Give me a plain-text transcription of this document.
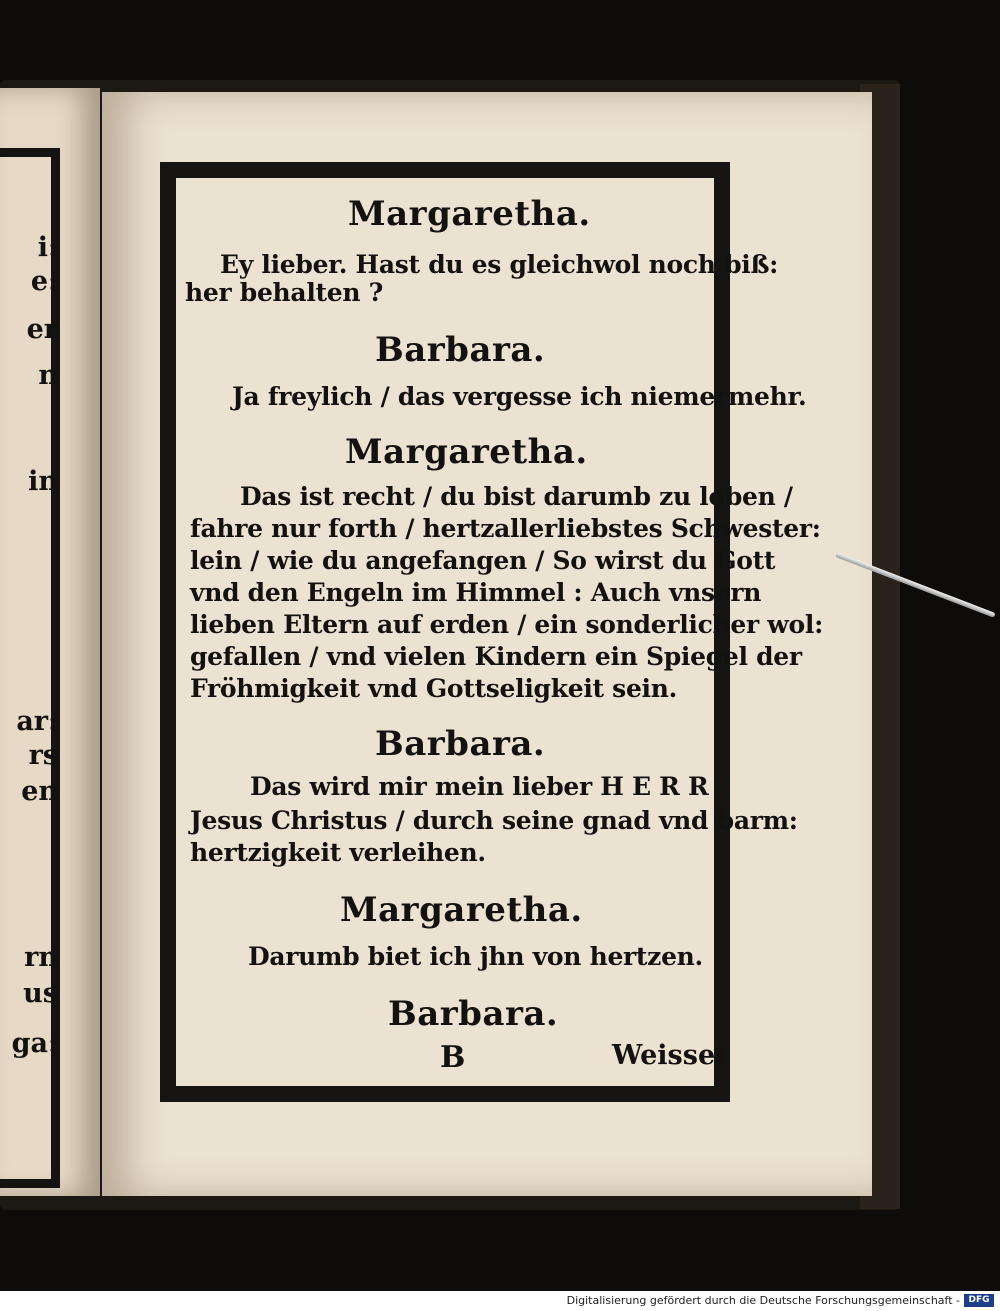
i:
e:
er
n
in
ar:
rs
en
rn
us
ga:
Margaretha.
Ey lieber. Hast du es gleichwol noch biß:
her behalten ?
Barbara.
Ja freylich / das vergesse ich niemermehr.
Margaretha.
Das ist recht / du bist darumb zu loben /
fahre nur forth / hertzallerliebstes Schwester:
lein / wie du angefangen / So wirst du Gott
vnd den Engeln im Himmel : Auch vnsern
lieben Eltern auf erden / ein sonderlicher wol:
gefallen / vnd vielen Kindern ein Spiegel der
Fröhmigkeit vnd Gottseligkeit sein.
Barbara.
Das wird mir mein lieber H E R R
Jesus Christus / durch seine gnad vnd barm:
hertzigkeit verleihen.
Margaretha.
Darumb biet ich jhn von hertzen.
Barbara.
B	Weisset
Digitalisierung gefördert durch die Deutsche Forschungsgemeinschaft - DFG
